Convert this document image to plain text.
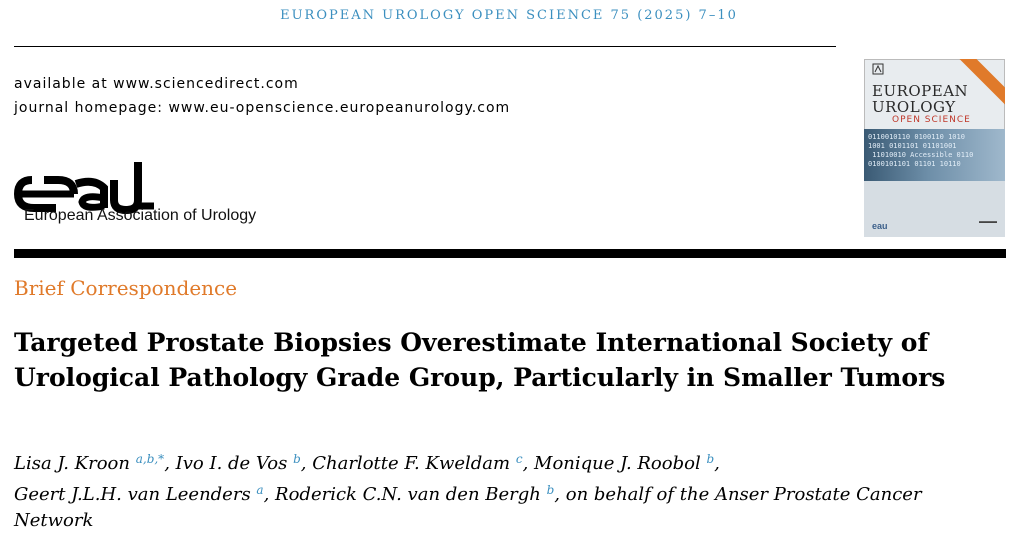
EUROPEAN UROLOGY OPEN SCIENCE 75 (2025) 7–10
available at www.sciencedirect.com
journal homepage: www.eu-openscience.europeanurology.com
European Association of Urology
EUROPEAN
UROLOGY
OPEN SCIENCE
0110010110 0100110 1010
1001 0101101 01101001
11010010 Accessible 0110
0100101101 01101 10110
eau	▬▬▬
Brief Correspondence
Targeted Prostate Biopsies Overestimate International Society of
Urological Pathology Grade Group, Particularly in Smaller Tumors
Lisa J. Kroon $^{a,b,*}$, Ivo I. de Vos $^b$, Charlotte F. Kweldam $^c$, Monique J. Roobol $^b$,
Geert J.L.H. van Leenders $^a$, Roderick C.N. van den Bergh $^b$, on behalf of the Anser Prostate Cancer
Network
